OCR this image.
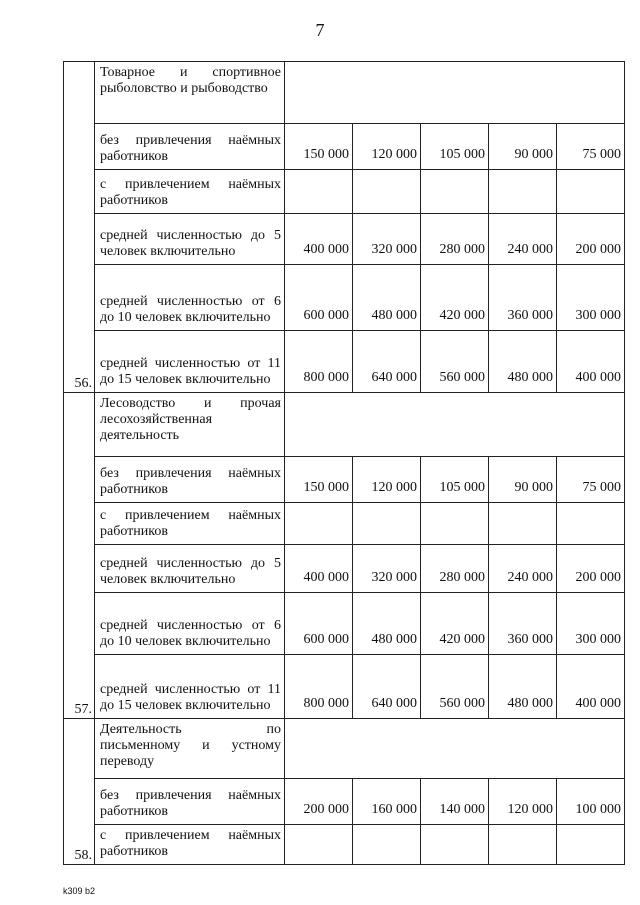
7
56.	Товарное и спортивное рыболовство и рыбоводство					
	без привлечения наёмных работников	150 000	120 000	105 000	90 000	75 000
	с привлечением наёмных работников					
	средней численностью до 5 человек включительно	400 000	320 000	280 000	240 000	200 000
	средней численностью от 6 до 10 человек включительно	600 000	480 000	420 000	360 000	300 000
	средней численностью от 11 до 15 человек включительно	800 000	640 000	560 000	480 000	400 000
57.	Лесоводство и прочая лесохозяйственная деятельность					
	без привлечения наёмных работников	150 000	120 000	105 000	90 000	75 000
	с привлечением наёмных работников					
	средней численностью до 5 человек включительно	400 000	320 000	280 000	240 000	200 000
	средней численностью от 6 до 10 человек включительно	600 000	480 000	420 000	360 000	300 000
	средней численностью от 11 до 15 человек включительно	800 000	640 000	560 000	480 000	400 000
58.	Деятельность по письменному и устному переводу					
	без привлечения наёмных работников	200 000	160 000	140 000	120 000	100 000
	с привлечением наёмных работников					
k309 b2
